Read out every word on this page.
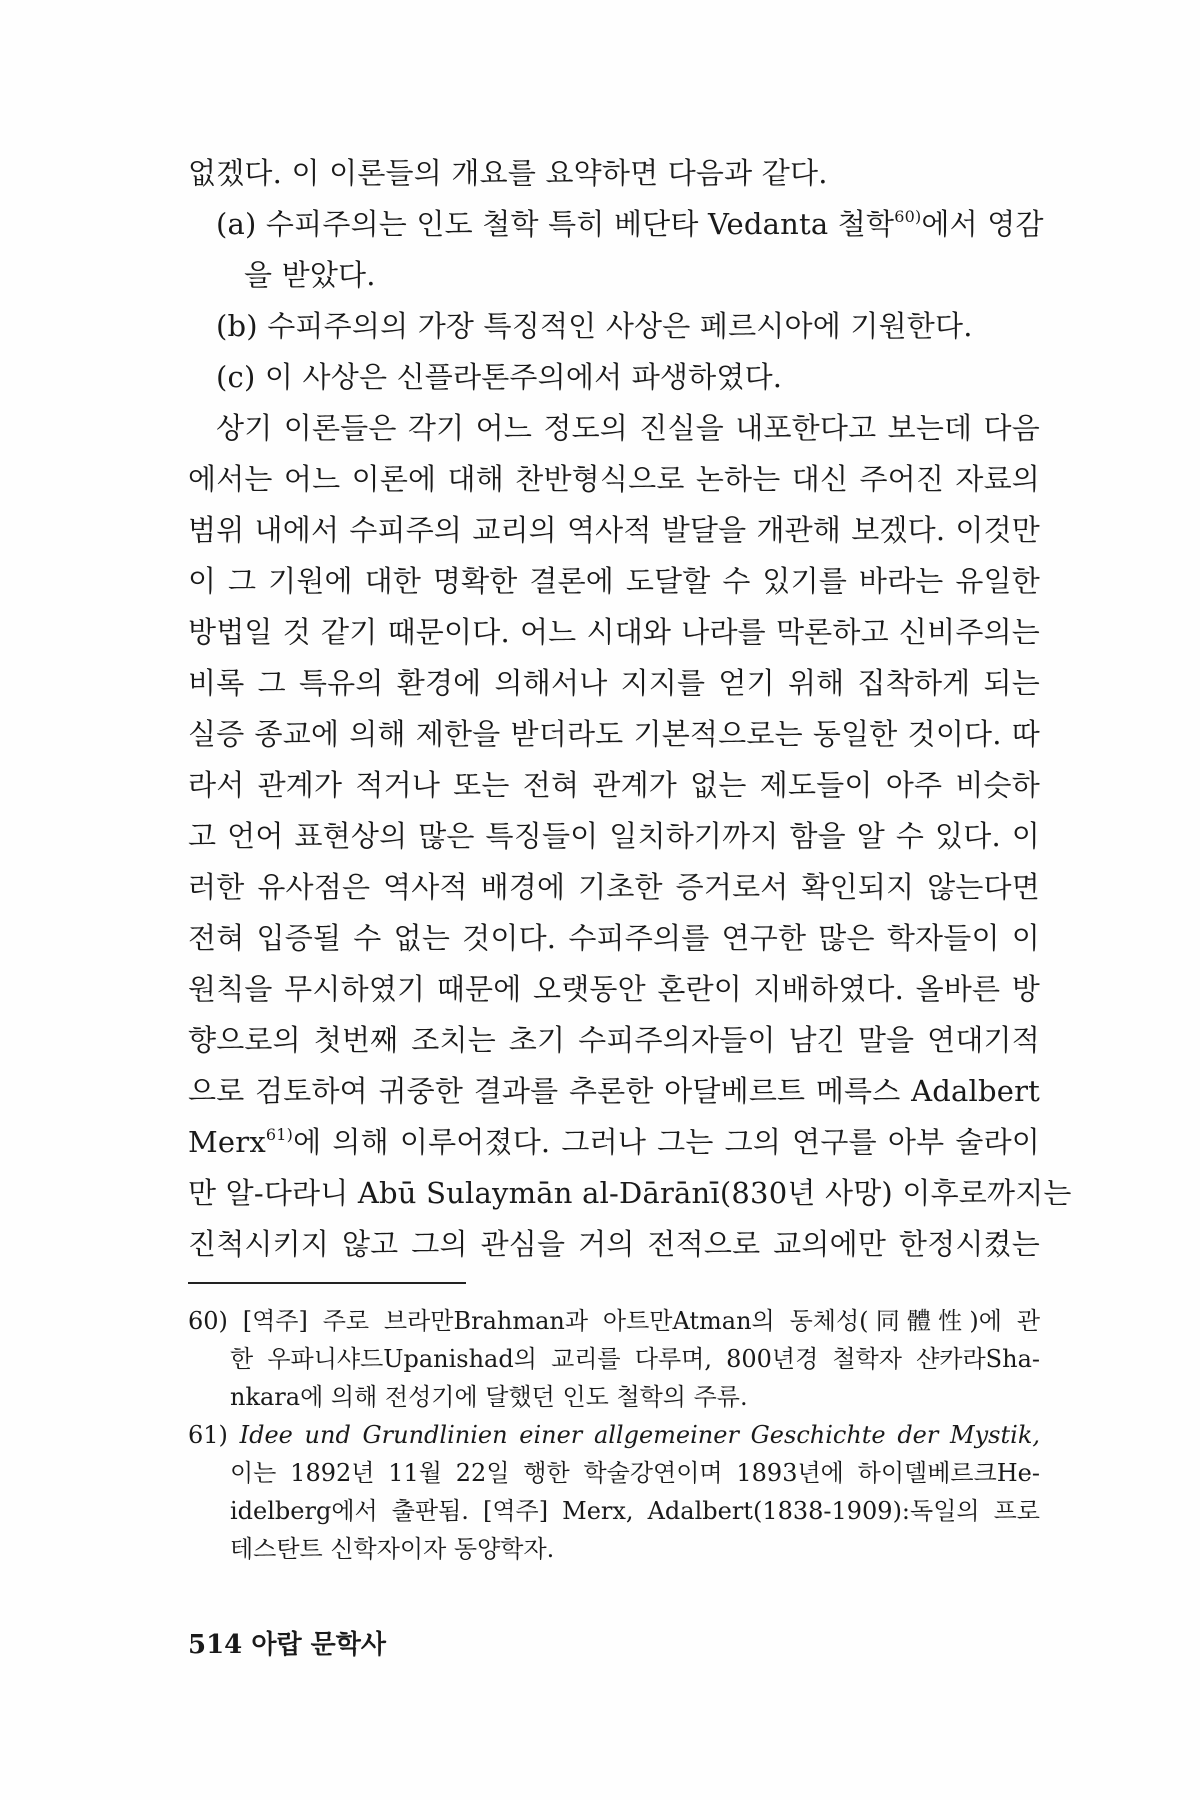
없겠다. 이 이론들의 개요를 요약하면 다음과 같다.
(a) 수피주의는 인도 철학 특히 베단타 Vedanta 철학$^{60)}$에서 영감
을 받았다.
(b) 수피주의의 가장 특징적인 사상은 페르시아에 기원한다.
(c) 이 사상은 신플라톤주의에서 파생하였다.
상기 이론들은 각기 어느 정도의 진실을 내포한다고 보는데 다음
에서는 어느 이론에 대해 찬반형식으로 논하는 대신 주어진 자료의
범위 내에서 수피주의 교리의 역사적 발달을 개관해 보겠다. 이것만
이 그 기원에 대한 명확한 결론에 도달할 수 있기를 바라는 유일한
방법일 것 같기 때문이다. 어느 시대와 나라를 막론하고 신비주의는
비록 그 특유의 환경에 의해서나 지지를 얻기 위해 집착하게 되는
실증 종교에 의해 제한을 받더라도 기본적으로는 동일한 것이다. 따
라서 관계가 적거나 또는 전혀 관계가 없는 제도들이 아주 비슷하
고 언어 표현상의 많은 특징들이 일치하기까지 함을 알 수 있다. 이
러한 유사점은 역사적 배경에 기초한 증거로서 확인되지 않는다면
전혀 입증될 수 없는 것이다. 수피주의를 연구한 많은 학자들이 이
원칙을 무시하였기 때문에 오랫동안 혼란이 지배하였다. 올바른 방
향으로의 첫번째 조치는 초기 수피주의자들이 남긴 말을 연대기적
으로 검토하여 귀중한 결과를 추론한 아달베르트 메륵스 Adalbert
Merx$^{61)}$에 의해 이루어졌다. 그러나 그는 그의 연구를 아부 술라이
만 알-다라니 Abū Sulaymān al-Dārānī(830년 사망) 이후로까지는
진척시키지 않고 그의 관심을 거의 전적으로 교의에만 한정시켰는
60) [역주] 주로 브라만Brahman과 아트만Atman의 동체성(同體性)에 관
한 우파니샤드Upanishad의 교리를 다루며, 800년경 철학자 샨카라Sha-
nkara에 의해 전성기에 달했던 인도 철학의 주류.
61) Idee und Grundlinien einer allgemeiner Geschichte der Mystik,
이는 1892년 11월 22일 행한 학술강연이며 1893년에 하이델베르크He-
idelberg에서 출판됨. [역주] Merx, Adalbert(1838-1909):독일의 프로
테스탄트 신학자이자 동양학자.
514 아랍 문학사
